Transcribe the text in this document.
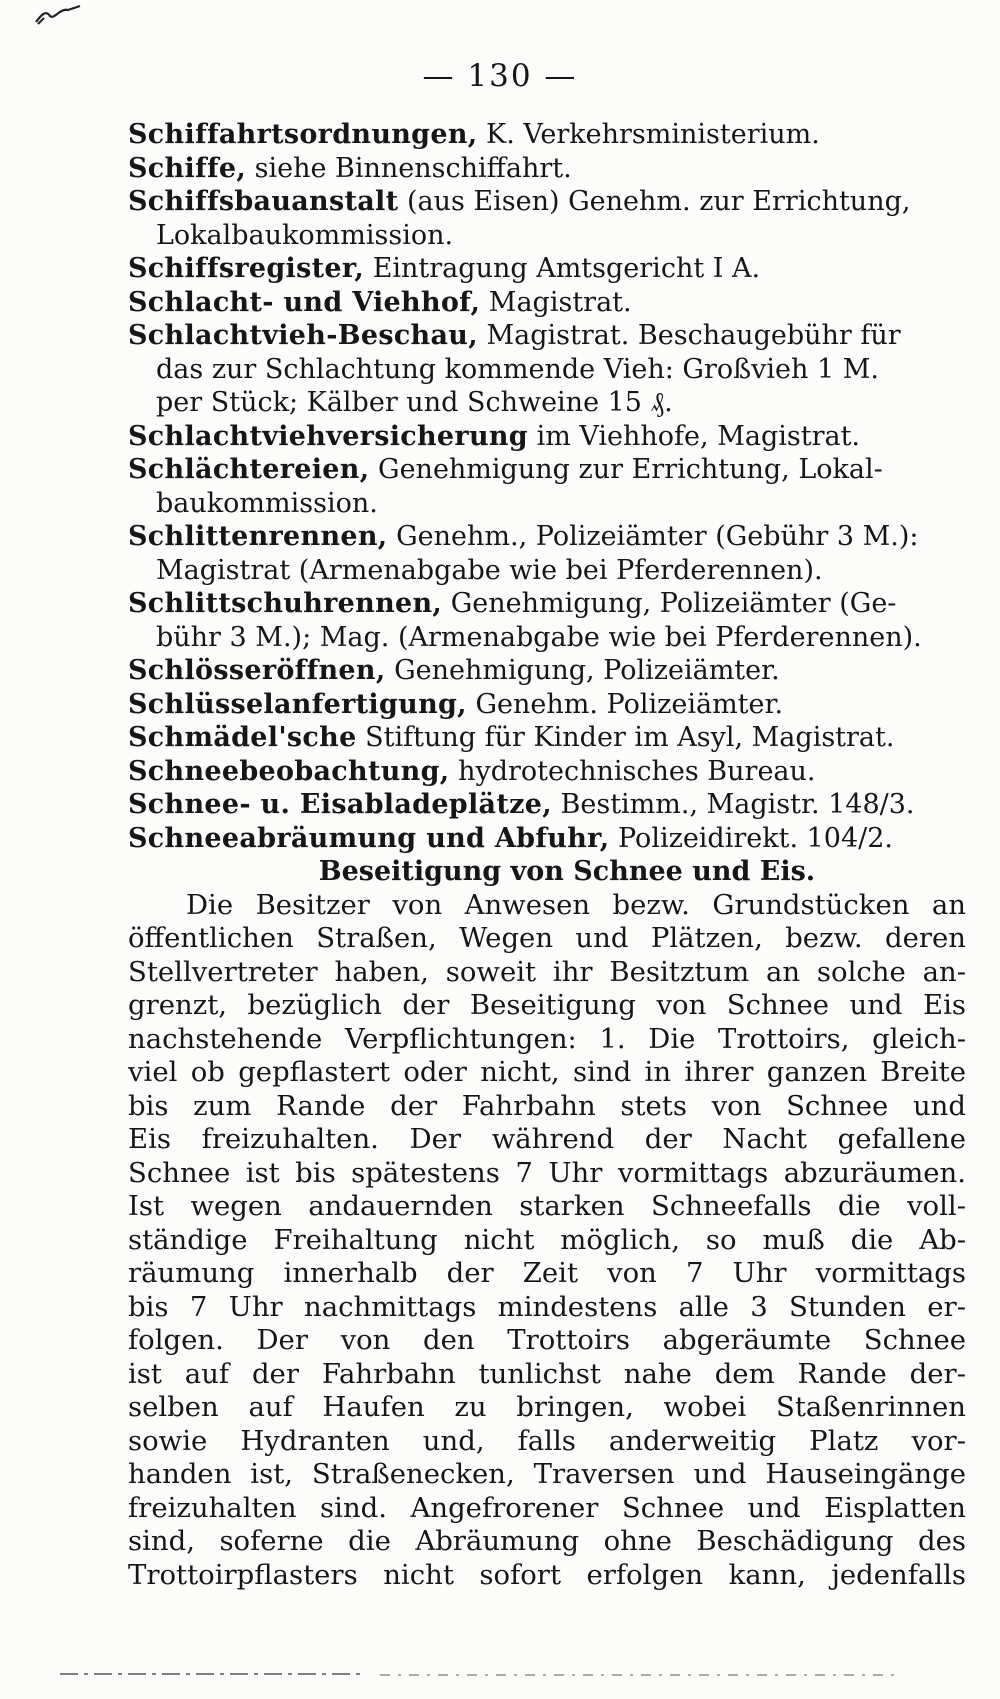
— 130 —
Schiffahrtsordnungen, K. Verkehrsministerium.
Schiffe, siehe Binnenschiffahrt.
Schiffsbauanstalt (aus Eisen) Genehm. zur Errichtung,
Lokalbaukommission.
Schiffsregister, Eintragung Amtsgericht I A.
Schlacht- und Viehhof, Magistrat.
Schlachtvieh-Beschau, Magistrat. Beschaugebühr für
das zur Schlachtung kommende Vieh: Großvieh 1 M.
per Stück; Kälber und Schweine 15 ₰.
Schlachtviehversicherung im Viehhofe, Magistrat.
Schlächtereien, Genehmigung zur Errichtung, Lokal-
baukommission.
Schlittenrennen, Genehm., Polizeiämter (Gebühr 3 M.):
Magistrat (Armenabgabe wie bei Pferderennen).
Schlittschuhrennen, Genehmigung, Polizeiämter (Ge-
bühr 3 M.); Mag. (Armenabgabe wie bei Pferderennen).
Schlösseröffnen, Genehmigung, Polizeiämter.
Schlüsselanfertigung, Genehm. Polizeiämter.
Schmädel'sche Stiftung für Kinder im Asyl, Magistrat.
Schneebeobachtung, hydrotechnisches Bureau.
Schnee- u. Eisabladeplätze, Bestimm., Magistr. 148/3.
Schneeabräumung und Abfuhr, Polizeidirekt. 104/2.
Beseitigung von Schnee und Eis.
Die Besitzer von Anwesen bezw. Grundstücken an
öffentlichen Straßen, Wegen und Plätzen, bezw. deren
Stellvertreter haben, soweit ihr Besitztum an solche an-
grenzt, bezüglich der Beseitigung von Schnee und Eis
nachstehende Verpflichtungen: 1. Die Trottoirs, gleich-
viel ob gepflastert oder nicht, sind in ihrer ganzen Breite
bis zum Rande der Fahrbahn stets von Schnee und
Eis freizuhalten. Der während der Nacht gefallene
Schnee ist bis spätestens 7 Uhr vormittags abzuräumen.
Ist wegen andauernden starken Schneefalls die voll-
ständige Freihaltung nicht möglich, so muß die Ab-
räumung innerhalb der Zeit von 7 Uhr vormittags
bis 7 Uhr nachmittags mindestens alle 3 Stunden er-
folgen. Der von den Trottoirs abgeräumte Schnee
ist auf der Fahrbahn tunlichst nahe dem Rande der-
selben auf Haufen zu bringen, wobei Staßenrinnen
sowie Hydranten und, falls anderweitig Platz vor-
handen ist, Straßenecken, Traversen und Hauseingänge
freizuhalten sind. Angefrorener Schnee und Eisplatten
sind, soferne die Abräumung ohne Beschädigung des
Trottoirpflasters nicht sofort erfolgen kann, jedenfalls
